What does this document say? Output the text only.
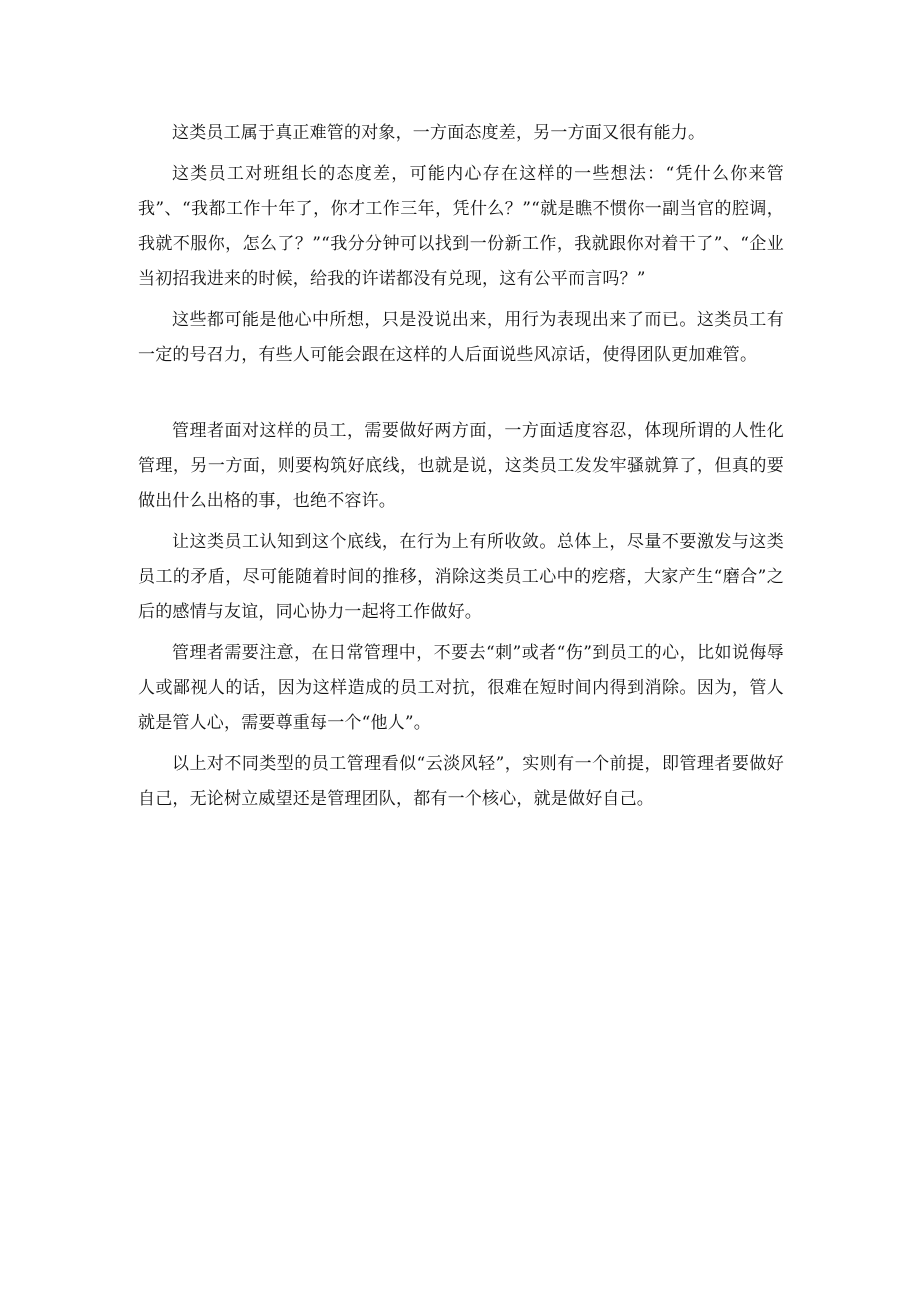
这类员工属于真正难管的对象，一方面态度差，另一方面又很有能力。

这类员工对班组长的态度差，可能内心存在这样的一些想法：“凭什么你来管我”、“我都工作十年了，你才工作三年，凭什么？”“就是瞧不惯你一副当官的腔调，我就不服你，怎么了？”“我分分钟可以找到一份新工作，我就跟你对着干了”、“企业当初招我进来的时候，给我的许诺都没有兑现，这有公平而言吗？”

这些都可能是他心中所想，只是没说出来，用行为表现出来了而已。这类员工有一定的号召力，有些人可能会跟在这样的人后面说些风凉话，使得团队更加难管。

管理者面对这样的员工，需要做好两方面，一方面适度容忍，体现所谓的人性化管理，另一方面，则要构筑好底线，也就是说，这类员工发发牢骚就算了，但真的要做出什么出格的事，也绝不容许。

让这类员工认知到这个底线，在行为上有所收敛。总体上，尽量不要激发与这类员工的矛盾，尽可能随着时间的推移，消除这类员工心中的疙瘩，大家产生“磨合”之后的感情与友谊，同心协力一起将工作做好。

管理者需要注意，在日常管理中，不要去“刺”或者“伤”到员工的心，比如说侮辱人或鄙视人的话，因为这样造成的员工对抗，很难在短时间内得到消除。因为，管人就是管人心，需要尊重每一个“他人”。

以上对不同类型的员工管理看似“云淡风轻”，实则有一个前提，即管理者要做好自己，无论树立威望还是管理团队，都有一个核心，就是做好自己。
